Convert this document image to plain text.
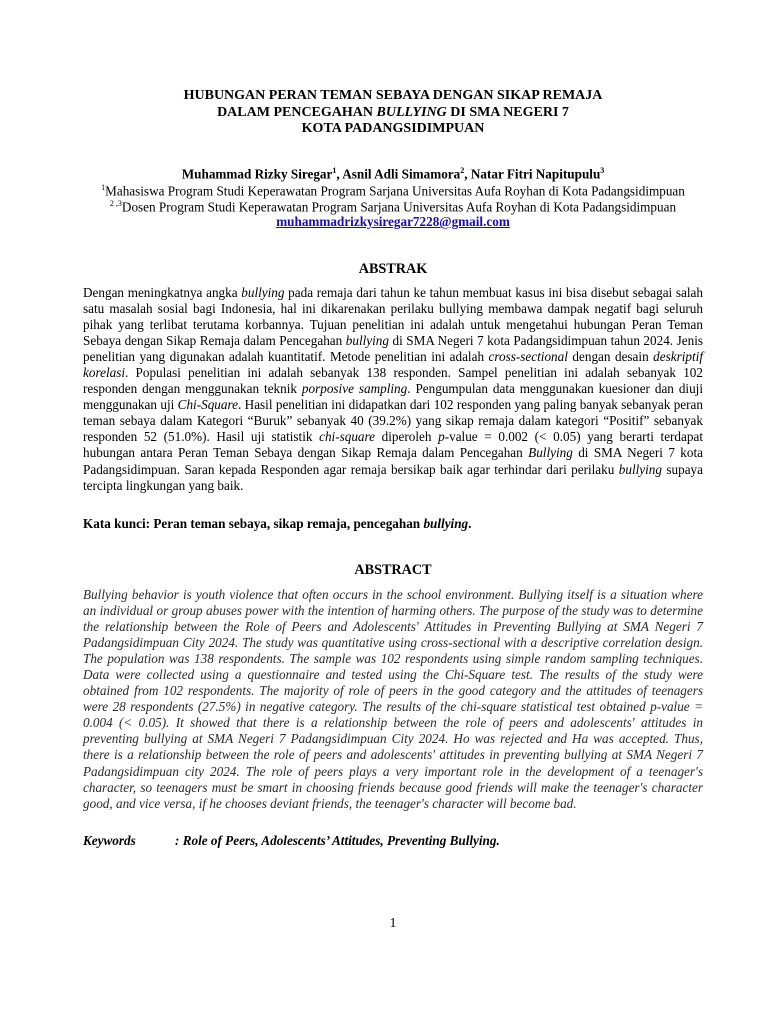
HUBUNGAN PERAN TEMAN SEBAYA DENGAN SIKAP REMAJA
DALAM PENCEGAHAN BULLYING DI SMA NEGERI 7
KOTA PADANGSIDIMPUAN
Muhammad Rizky Siregar$^1$, Asnil Adli Simamora$^2$, Natar Fitri Napitupulu$^3$
$^1$Mahasiswa Program Studi Keperawatan Program Sarjana Universitas Aufa Royhan di Kota Padangsidimpuan
$^{2 ,3}$Dosen Program Studi Keperawatan Program Sarjana Universitas Aufa Royhan di Kota Padangsidimpuan
muhammadrizkysiregar7228@gmail.com
ABSTRAK
Dengan meningkatnya angka bullying pada remaja dari tahun ke tahun membuat kasus ini bisa disebut sebagai salah satu masalah sosial bagi Indonesia, hal ini dikarenakan perilaku bullying membawa dampak negatif bagi seluruh pihak yang terlibat terutama korbannya. Tujuan penelitian ini adalah untuk mengetahui hubungan Peran Teman Sebaya dengan Sikap Remaja dalam Pencegahan bullying di SMA Negeri 7 kota Padangsidimpuan tahun 2024. Jenis penelitian yang digunakan adalah kuantitatif. Metode penelitian ini adalah cross-sectional dengan desain deskriptif korelasi. Populasi penelitian ini adalah sebanyak 138 responden. Sampel penelitian ini adalah sebanyak 102 responden dengan menggunakan teknik porposive sampling. Pengumpulan data menggunakan kuesioner dan diuji menggunakan uji Chi-Square. Hasil penelitian ini didapatkan dari 102 responden yang paling banyak sebanyak peran teman sebaya dalam Kategori “Buruk” sebanyak 40 (39.2%) yang sikap remaja dalam kategori “Positif” sebanyak responden 52 (51.0%). Hasil uji statistik chi-square diperoleh p-value = 0.002 (< 0.05) yang berarti terdapat hubungan antara Peran Teman Sebaya dengan Sikap Remaja dalam Pencegahan Bullying di SMA Negeri 7 kota Padangsidimpuan. Saran kepada Responden agar remaja bersikap baik agar terhindar dari perilaku bullying supaya tercipta lingkungan yang baik.
Kata kunci: Peran teman sebaya, sikap remaja, pencegahan bullying.
ABSTRACT
Bullying behavior is youth violence that often occurs in the school environment. Bullying itself is a situation where an individual or group abuses power with the intention of harming others. The purpose of the study was to determine the relationship between the Role of Peers and Adolescents' Attitudes in Preventing Bullying at SMA Negeri 7 Padangsidimpuan City 2024. The study was quantitative using cross-sectional with a descriptive correlation design. The population was 138 respondents. The sample was 102 respondents using simple random sampling techniques. Data were collected using a questionnaire and tested using the Chi-Square test. The results of the study were obtained from 102 respondents. The majority of role of peers in the good category and the attitudes of teenagers were 28 respondents (27.5%) in negative category. The results of the chi-square statistical test obtained p-value = 0.004 (< 0.05). It showed that there is a relationship between the role of peers and adolescents' attitudes in preventing bullying at SMA Negeri 7 Padangsidimpuan City 2024. Ho was rejected and Ha was accepted. Thus, there is a relationship between the role of peers and adolescents' attitudes in preventing bullying at SMA Negeri 7 Padangsidimpuan city 2024. The role of peers plays a very important role in the development of a teenager's character, so teenagers must be smart in choosing friends because good friends will make the teenager's character good, and vice versa, if he chooses deviant friends, the teenager's character will become bad.
Keywords	: Role of Peers, Adolescents’ Attitudes, Preventing Bullying.
1
